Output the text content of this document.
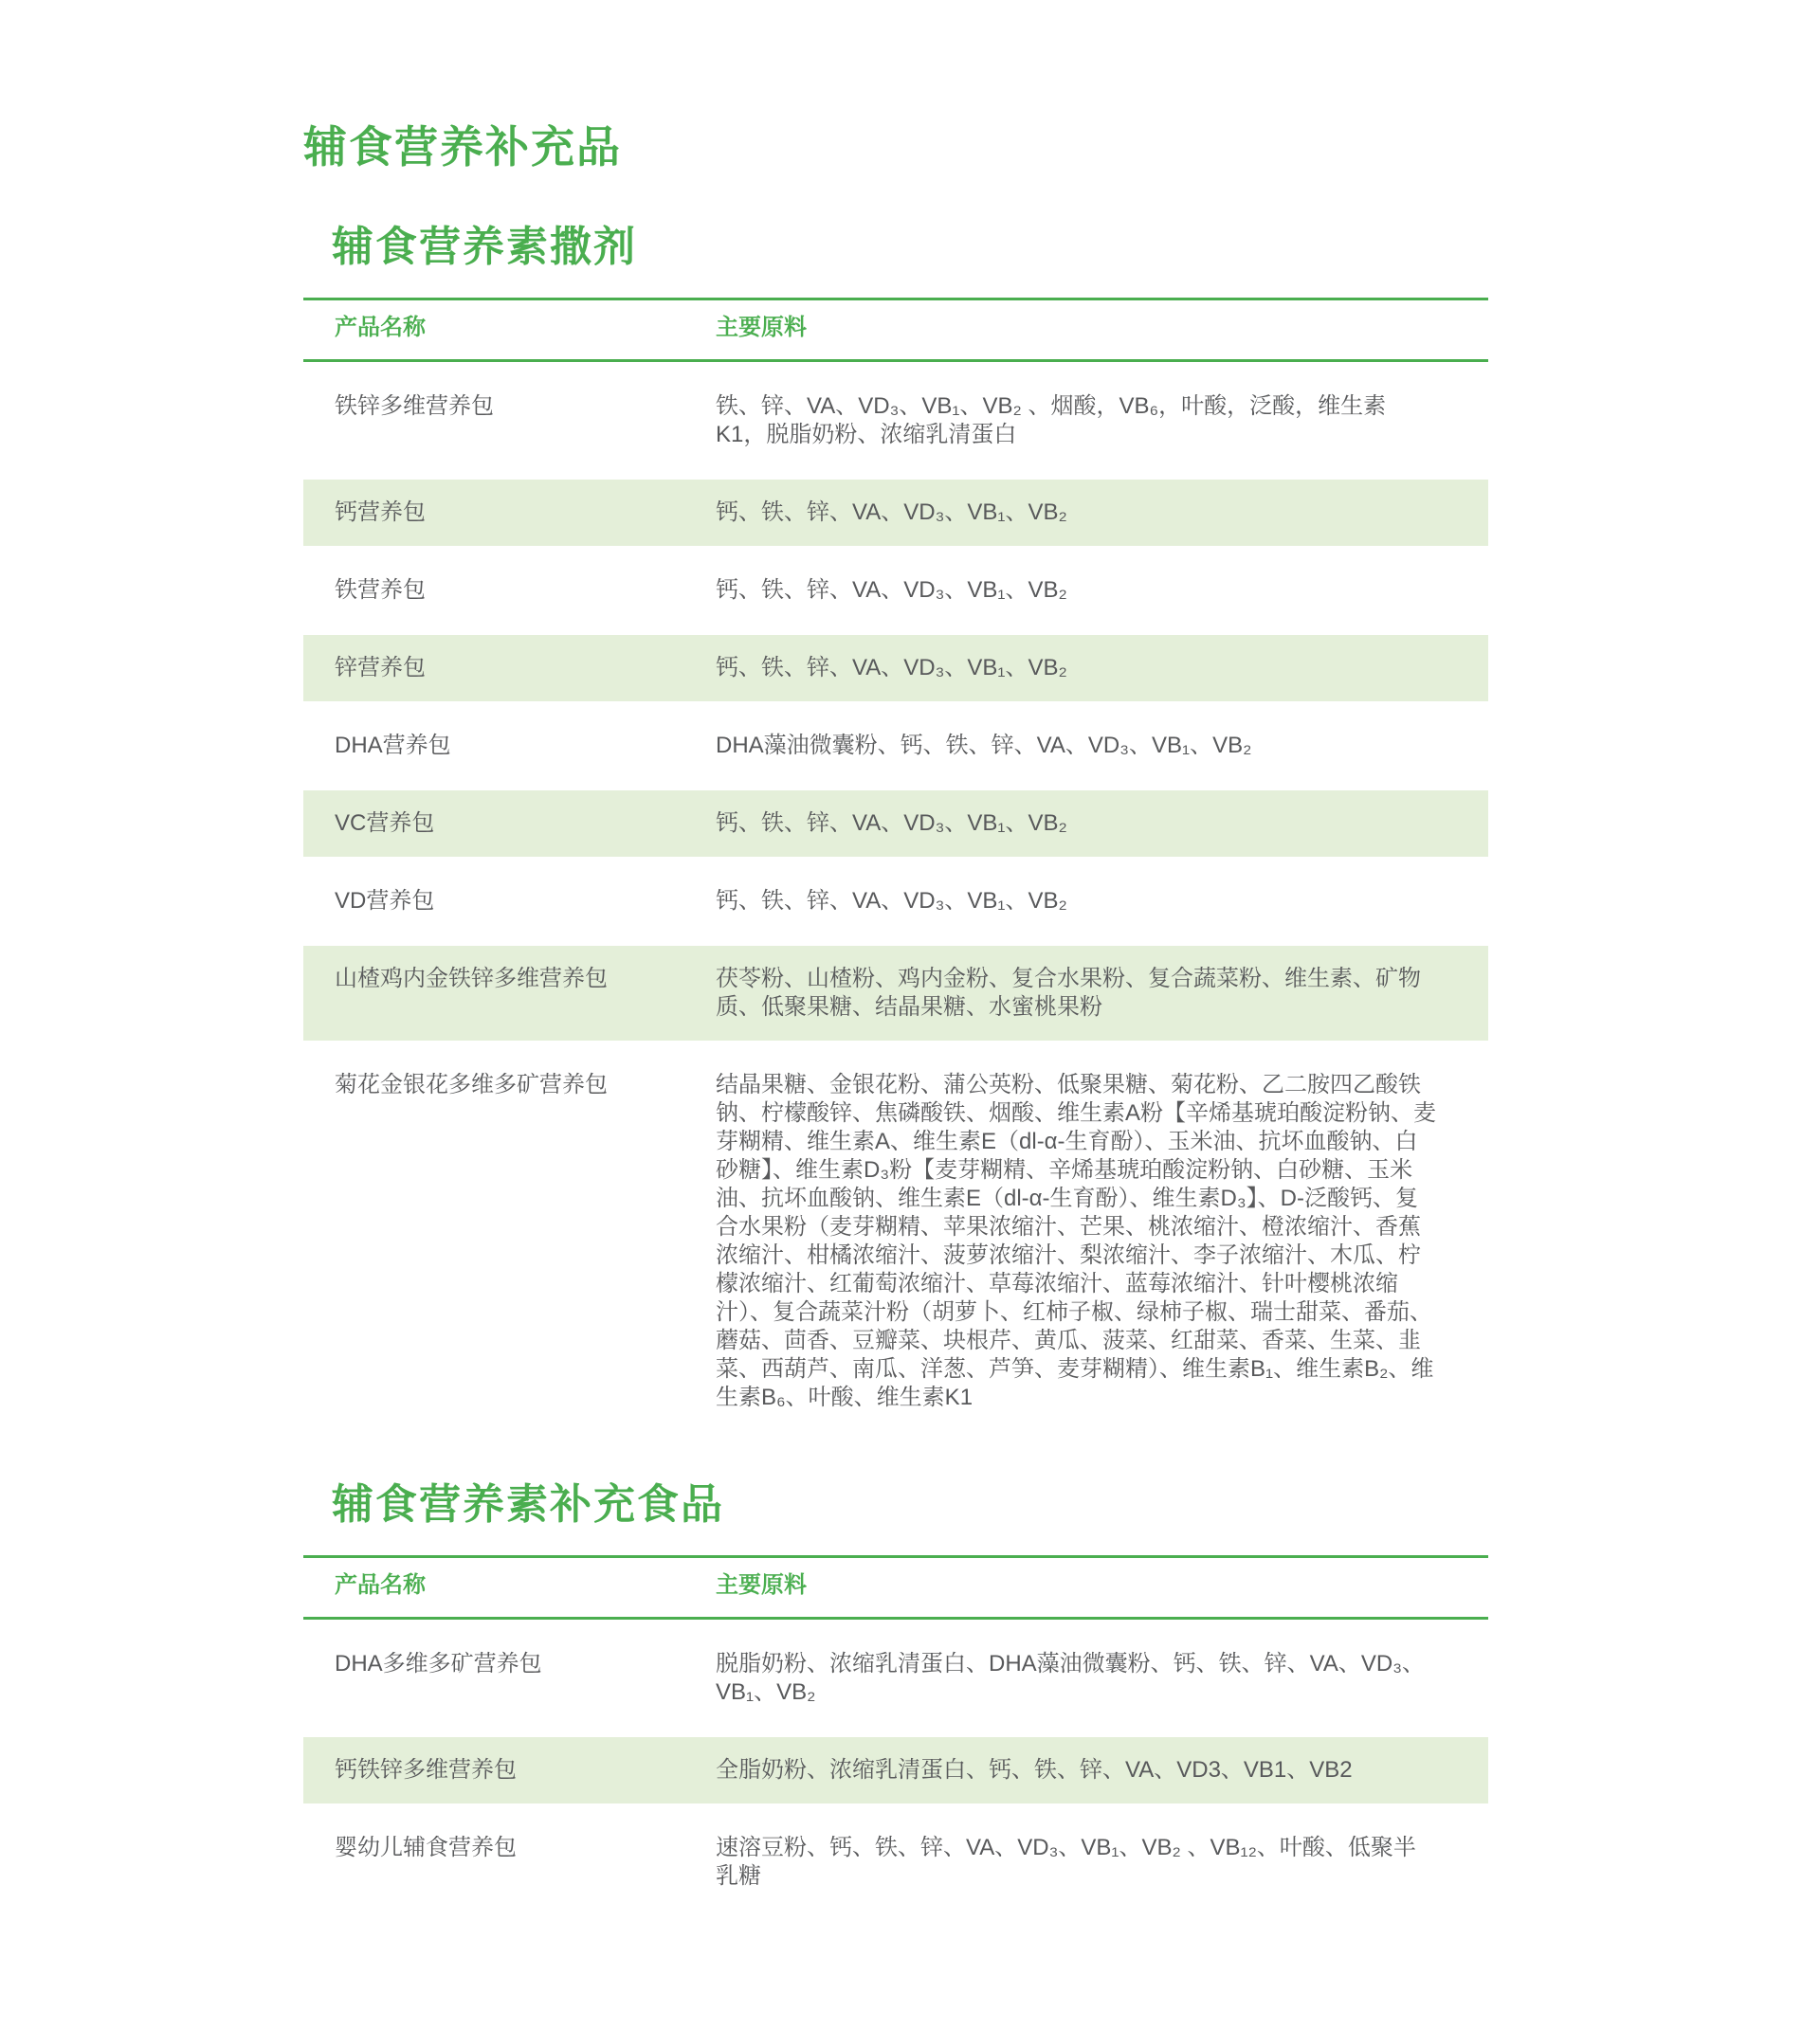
辅食营养补充品
辅食营养素撒剂
产品名称	主要原料
铁锌多维营养包	铁、锌、VA、VD₃、VB₁、VB₂ 、烟酸，VB₆，叶酸，泛酸，维生素K1，脱脂奶粉、浓缩乳清蛋白
钙营养包	钙、铁、锌、VA、VD₃、VB₁、VB₂
铁营养包	钙、铁、锌、VA、VD₃、VB₁、VB₂
锌营养包	钙、铁、锌、VA、VD₃、VB₁、VB₂
DHA营养包	DHA藻油微囊粉、钙、铁、锌、VA、VD₃、VB₁、VB₂
VC营养包	钙、铁、锌、VA、VD₃、VB₁、VB₂
VD营养包	钙、铁、锌、VA、VD₃、VB₁、VB₂
山楂鸡内金铁锌多维营养包	茯苓粉、山楂粉、鸡内金粉、复合水果粉、复合蔬菜粉、维生素、矿物质、低聚果糖、结晶果糖、水蜜桃果粉
菊花金银花多维多矿营养包	结晶果糖、金银花粉、蒲公英粉、低聚果糖、菊花粉、乙二胺四乙酸铁钠、柠檬酸锌、焦磷酸铁、烟酸、维生素A粉【辛烯基琥珀酸淀粉钠、麦芽糊精、维生素A、维生素E（dl-α-生育酚）、玉米油、抗坏血酸钠、白砂糖】、维生素D₃粉【麦芽糊精、辛烯基琥珀酸淀粉钠、白砂糖、玉米油、抗坏血酸钠、维生素E（dl-α-生育酚）、维生素D₃】、D-泛酸钙、复合水果粉（麦芽糊精、苹果浓缩汁、芒果、桃浓缩汁、橙浓缩汁、香蕉浓缩汁、柑橘浓缩汁、菠萝浓缩汁、梨浓缩汁、李子浓缩汁、木瓜、柠檬浓缩汁、红葡萄浓缩汁、草莓浓缩汁、蓝莓浓缩汁、针叶樱桃浓缩汁）、复合蔬菜汁粉（胡萝卜、红柿子椒、绿柿子椒、瑞士甜菜、番茄、蘑菇、茴香、豆瓣菜、块根芹、黄瓜、菠菜、红甜菜、香菜、生菜、韭菜、西葫芦、南瓜、洋葱、芦笋、麦芽糊精）、维生素B₁、维生素B₂、维生素B₆、叶酸、维生素K1
辅食营养素补充食品
产品名称	主要原料
DHA多维多矿营养包	脱脂奶粉、浓缩乳清蛋白、DHA藻油微囊粉、钙、铁、锌、VA、VD₃、VB₁、VB₂
钙铁锌多维营养包	全脂奶粉、浓缩乳清蛋白、钙、铁、锌、VA、VD3、VB1、VB2
婴幼儿辅食营养包	速溶豆粉、钙、铁、锌、VA、VD₃、VB₁、VB₂ 、VB₁₂、叶酸、低聚半乳糖
